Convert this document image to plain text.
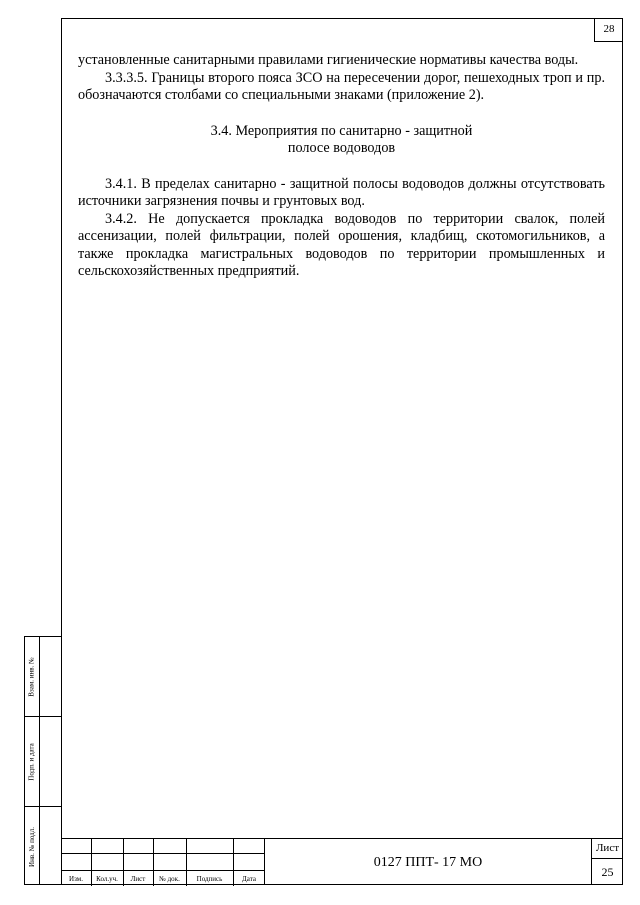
28

установленные санитарными правилами гигиенические нормативы качества воды.

3.3.3.5. Границы второго пояса ЗСО на пересечении дорог, пешеходных троп и пр. обозначаются столбами со специальными знаками (приложение 2).

3.4. Мероприятия по санитарно - защитной
полосе водоводов

3.4.1. В пределах санитарно - защитной полосы водоводов должны отсутствовать источники загрязнения почвы и грунтовых вод.

3.4.2. Не допускается прокладка водоводов по территории свалок, полей ассенизации, полей фильтрации, полей орошения, кладбищ, скотомогильников, а также прокладка магистральных водоводов по территории промышленных и сельскохозяйственных предприятий.

Взам. инв. №
Подп. и дата
Инв. № подл.
Изм.	Кол.уч.	Лист	№ док.	Подпись	Дата
0127 ППТ- 17 МО
Лист
25
